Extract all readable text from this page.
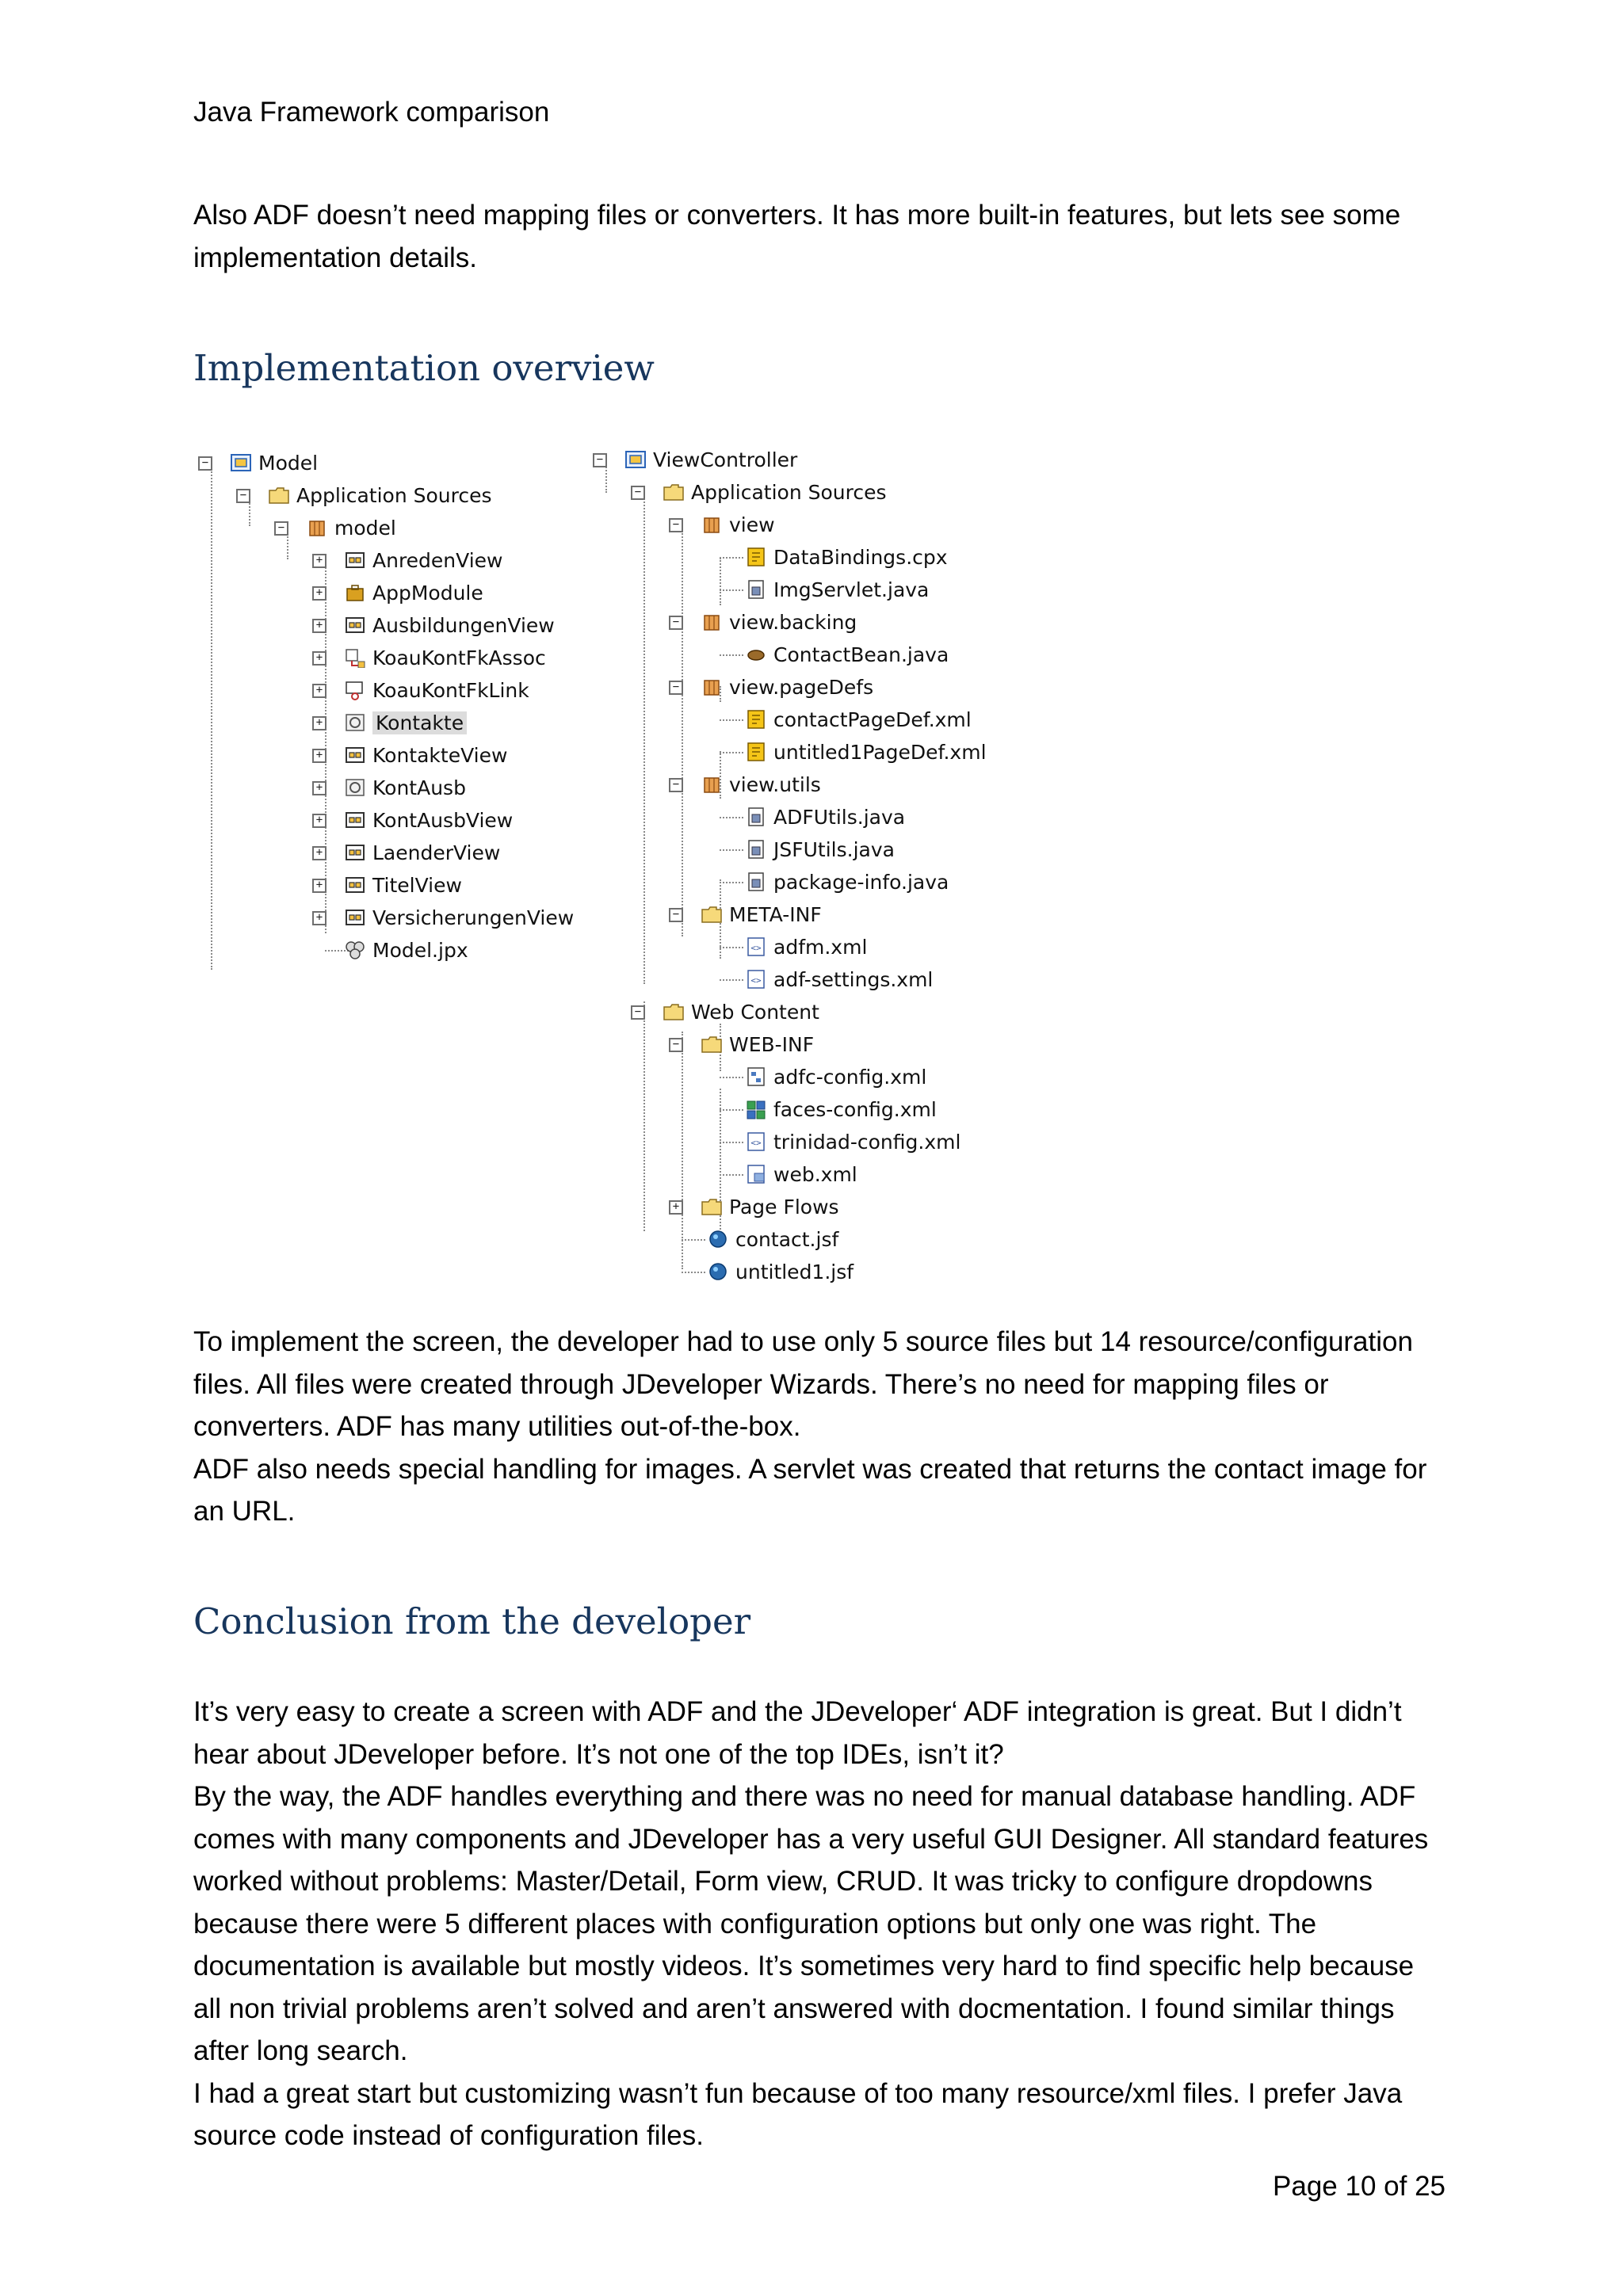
Java Framework comparison

Also ADF doesn’t need mapping files or converters. It has more built-in features, but lets see some
implementation details.

Implementation overview
−	Model
−	Application Sources
−	model
+	AnredenView
+	AppModule
+	AusbildungenView
+	KoauKontFkAssoc
+	KoauKontFkLink
+	Kontakte
+	KontakteView
+	KontAusb
+	KontAusbView
+	LaenderView
+	TitelView
+	VersicherungenView
Model.jpx
−	ViewController
−	Application Sources
−	view
DataBindings.cpx
ImgServlet.java
−	view.backing
ContactBean.java
−	view.pageDefs
contactPageDef.xml
untitled1PageDef.xml
−	view.utils
ADFUtils.java
JSFUtils.java
package-info.java
−	META-INF
adfm.xml
adf-settings.xml
−	Web Content
−	WEB-INF
adfc-config.xml
faces-config.xml
trinidad-config.xml
web.xml
+	Page Flows
contact.jsf
untitled1.jsf

To implement the screen, the developer had to use only 5 source files but 14 resource/configuration
files. All files were created through JDeveloper Wizards. There’s no need for mapping files or
converters. ADF has many utilities out-of-the-box.
ADF also needs special handling for images. A servlet was created that returns the contact image for
an URL.

Conclusion from the developer

It’s very easy to create a screen with ADF and the JDeveloper‘ ADF integration is great. But I didn’t
hear about JDeveloper before. It’s not one of the top IDEs, isn’t it?
By the way, the ADF handles everything and there was no need for manual database handling. ADF
comes with many components and JDeveloper has a very useful GUI Designer. All standard features
worked without problems: Master/Detail, Form view, CRUD. It was tricky to configure dropdowns
because there were 5 different places with configuration options but only one was right. The
documentation is available but mostly videos. It’s sometimes very hard to find specific help because
all non trivial problems aren’t solved and aren’t answered with docmentation. I found similar things
after long search.
I had a great start but customizing wasn’t fun because of too many resource/xml files. I prefer Java
source code instead of configuration files.

Page 10 of 25
